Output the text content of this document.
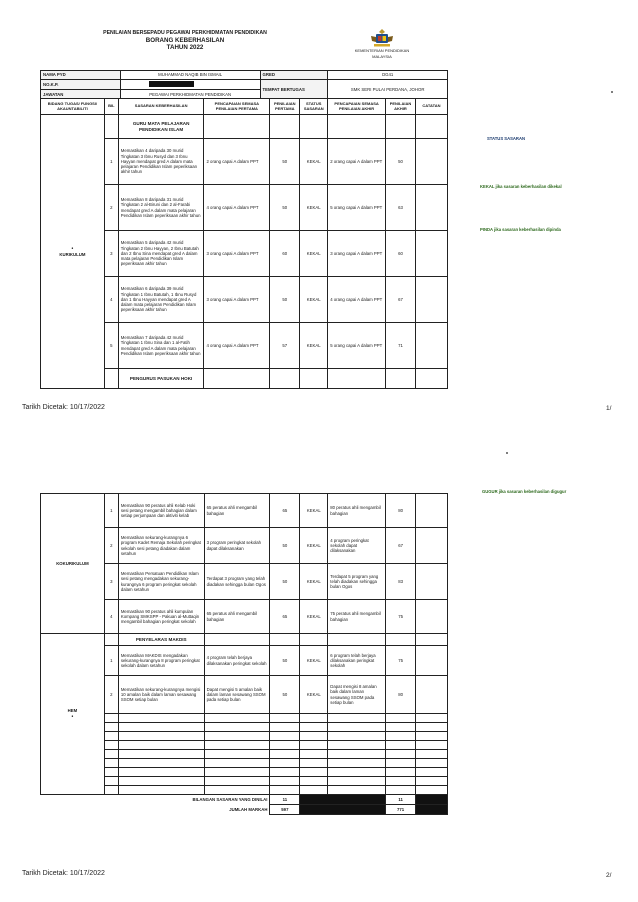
PENILAIAN BERSEPADU PEGAWAI PERKHIDMATAN PENDIDIKAN
BORANG KEBERHASILAN
TAHUN 2022	KEMENTERIAN PENDIDIKAN
MALAYSIA
NAMA PYD	MUHAMMAD NAQIB BIN ISMAIL	GRED	DG41
NO.K.P.		TEMPAT BERTUGAS	SMK SERI PULAI PERDANA, JOHOR
JAWATAN	PEGAWAI PERKHIDMATAN PENDIDIKAN		
BIDANG TUGAS/ FUNGSI/ AKAUNTABILITI	BIL	SASARAN KEBERHASILAN	PENCAPAIAN SEMASA PENILAIAN PERTAMA	PENILAIAN PERTAMA	STATUS SASARAN	PENCAPAIAN SEMASA PENILAIAN AKHIR	PENILAIAN AKHIR	CATATAN

•
KURIKULUM		GURU MATA PELAJARAN PENDIDIKAN ISLAM						
	1	Memastikan 4 daripada 30 murid Tingkatan 3 Ibnu Rusyd dan 3 Ibnu Hayyan mendapat gred A dalam mata pelajaran Pendidikan Islam peperiksaan akhir tahun	2 orang capai A dalam PPT	50	KEKAL	2 orang capai A dalam PPT	50	
	2	Memastikan 8 daripada 31 murid Tingkatan 2 al-Biruni dan 2 al-Farabi mendapat gred A dalam mata pelajaran Pendidikan Islam peperiksaan akhir tahun	4 orang capai A dalam PPT	50	KEKAL	5 orang capai A dalam PPT	63	
	3	Memastikan 5 daripada 42 murid Tingkatan 2 Ibnu Hayyan, 2 Ibnu Batutah dan 2 Ibnu Sina mendapat gred A dalam mata pelajaran Pendidikan Islam peperiksaan akhir tahun	3 orang capai A dalam PPT	60	KEKAL	3 orang capai A dalam PPT	60	
	4	Memastikan 6 daripada 39 murid Tingkatan 1 Ibnu Batutah, 1 Ibnu Rusyd dan 1 Ibnu Hayyan mendapat gred A dalam mata pelajaran Pendidikan Islam peperiksaan akhir tahun	3 orang capai A dalam PPT	50	KEKAL	4 orang capai A dalam PPT	67	
	5	Memastikan 7 daripada 42 murid Tingkatan 1 Ibnu Sina dan 1 al-Fatih mendapat gred A dalam mata pelajaran Pendidikan Islam peperiksaan akhir tahun	4 orang capai A dalam PPT	57	KEKAL	5 orang capai A dalam PPT	71	
		PENGURUS PASUKAN HOKI						
STATUS SASARAN
KEKAL jika sasaran keberhasilan dikekal
PINDA jika sasaran keberhasilan dipinda
Tarikh Dicetak: 10/17/2022	1/
GUGUR jika sasaran keberhasilan digugur
KOKURIKULUM	1	Memastikan 90 peratus ahli Kelab Hoki sesi petang mengambil bahagian dalam setiap perjumpaan dan aktiviti kelab	65 peratus ahli mengambil bahagian	65	KEKAL	80 peratus ahli mengambil bahagian	80	
	2	Memastikan sekurang-kurangnya 6 program Kadet Remaja Sekolah peringkat sekolah sesi petang diadakan dalam setahun	3 program peringkat sekolah dapat dilaksanakan	50	KEKAL	4 program peringkat sekolah dapat dilaksanakan	67	
	3	Memastikan Persatuan Pendidikan Islam sesi petang mengadakan sekurang-kurangnya 6 program peringkat sekolah dalam setahun	Terdapat 3 program yang telah diadakan sehingga bulan Ogos	50	KEKAL	Terdapat 5 program yang telah diadakan sehingga bulan Ogos	83	
	4	Memastikan 90 peratus ahli kumpulan Kompang SMKSPP - Pakuan al-Muttaqin mengambil bahagian peringkat sekolah	65 peratus ahli mengambil bahagian	65	KEKAL	75 peratus ahli mengambil bahagian	75	
HEM
•		PENYELARAS MAKDIS						
	1	Memastikan MAKDIS mengadakan sekurang-kurangnya 8 program peringkat sekolah dalam setahun	4 program telah berjaya dilaksanakan peringkat sekolah	50	KEKAL	6 program telah berjaya dilaksanakan peringkat sekolah	75	
	2	Memastikan sekurang-kurangnya mengisi 10 amalan baik dalam laman sesawang SSOM setiap bulan	Dapat mengisi 5 amalan baik dalam laman sesawang SSOM pada setiap bulan	50	KEKAL	Dapat mengisi 8 amalan baik dalam laman sesawang SSOM pada setiap bulan	80	

BILANGAN SASARAN YANG DINILAI				11			11	
JUMLAH MARKAH				597			771	
Tarikh Dicetak: 10/17/2022	2/
